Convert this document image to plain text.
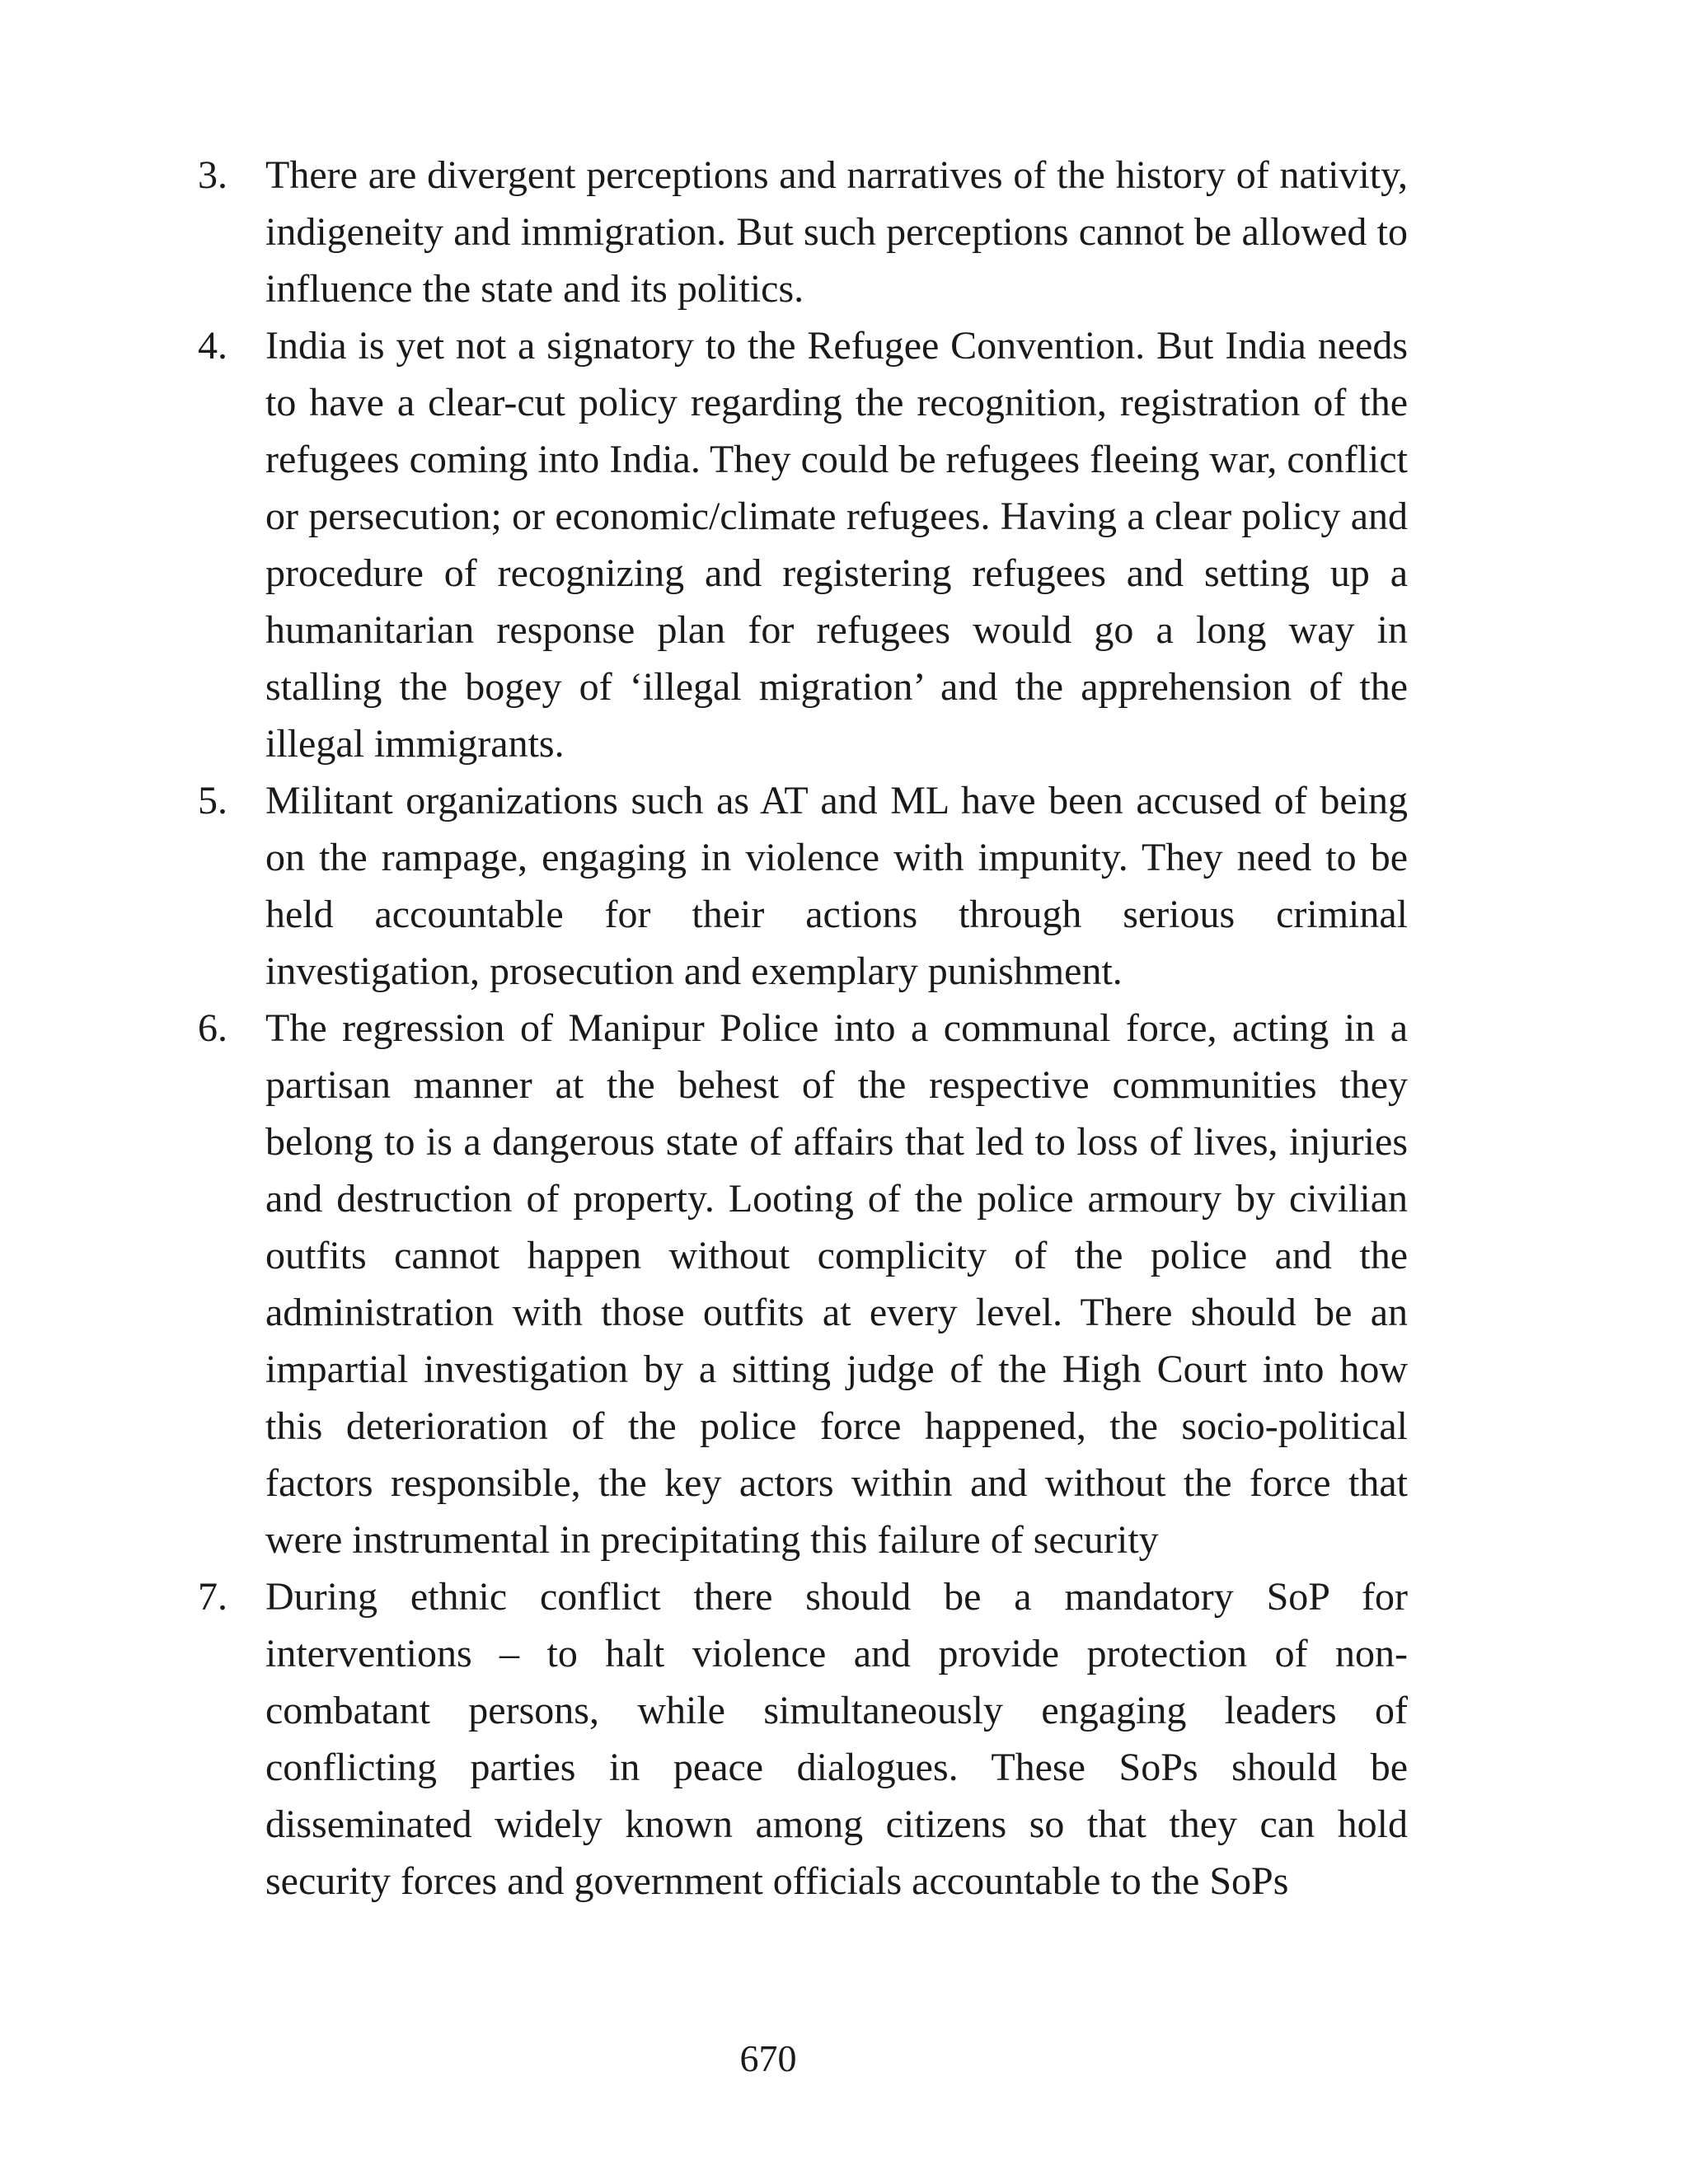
3. There are divergent perceptions and narratives of the history of nativity, indigeneity and immigration. But such perceptions cannot be allowed to influence the state and its politics.
4. India is yet not a signatory to the Refugee Convention. But India needs to have a clear-cut policy regarding the recognition, registration of the refugees coming into India. They could be refugees fleeing war, conflict or persecution; or economic/climate refugees. Having a clear policy and procedure of recognizing and registering refugees and setting up a humanitarian response plan for refugees would go a long way in stalling the bogey of ‘illegal migration’ and the apprehension of the illegal immigrants.
5. Militant organizations such as AT and ML have been accused of being on the rampage, engaging in violence with impunity. They need to be held accountable for their actions through serious criminal investigation, prosecution and exemplary punishment.
6. The regression of Manipur Police into a communal force, acting in a partisan manner at the behest of the respective communities they belong to is a dangerous state of affairs that led to loss of lives, injuries and destruction of property. Looting of the police armoury by civilian outfits cannot happen without complicity of the police and the administration with those outfits at every level. There should be an impartial investigation by a sitting judge of the High Court into how this deterioration of the police force happened, the socio-political factors responsible, the key actors within and without the force that were instrumental in precipitating this failure of security
7. During ethnic conflict there should be a mandatory SoP for interventions – to halt violence and provide protection of non-combatant persons, while simultaneously engaging leaders of conflicting parties in peace dialogues. These SoPs should be disseminated widely known among citizens so that they can hold security forces and government officials accountable to the SoPs
670
